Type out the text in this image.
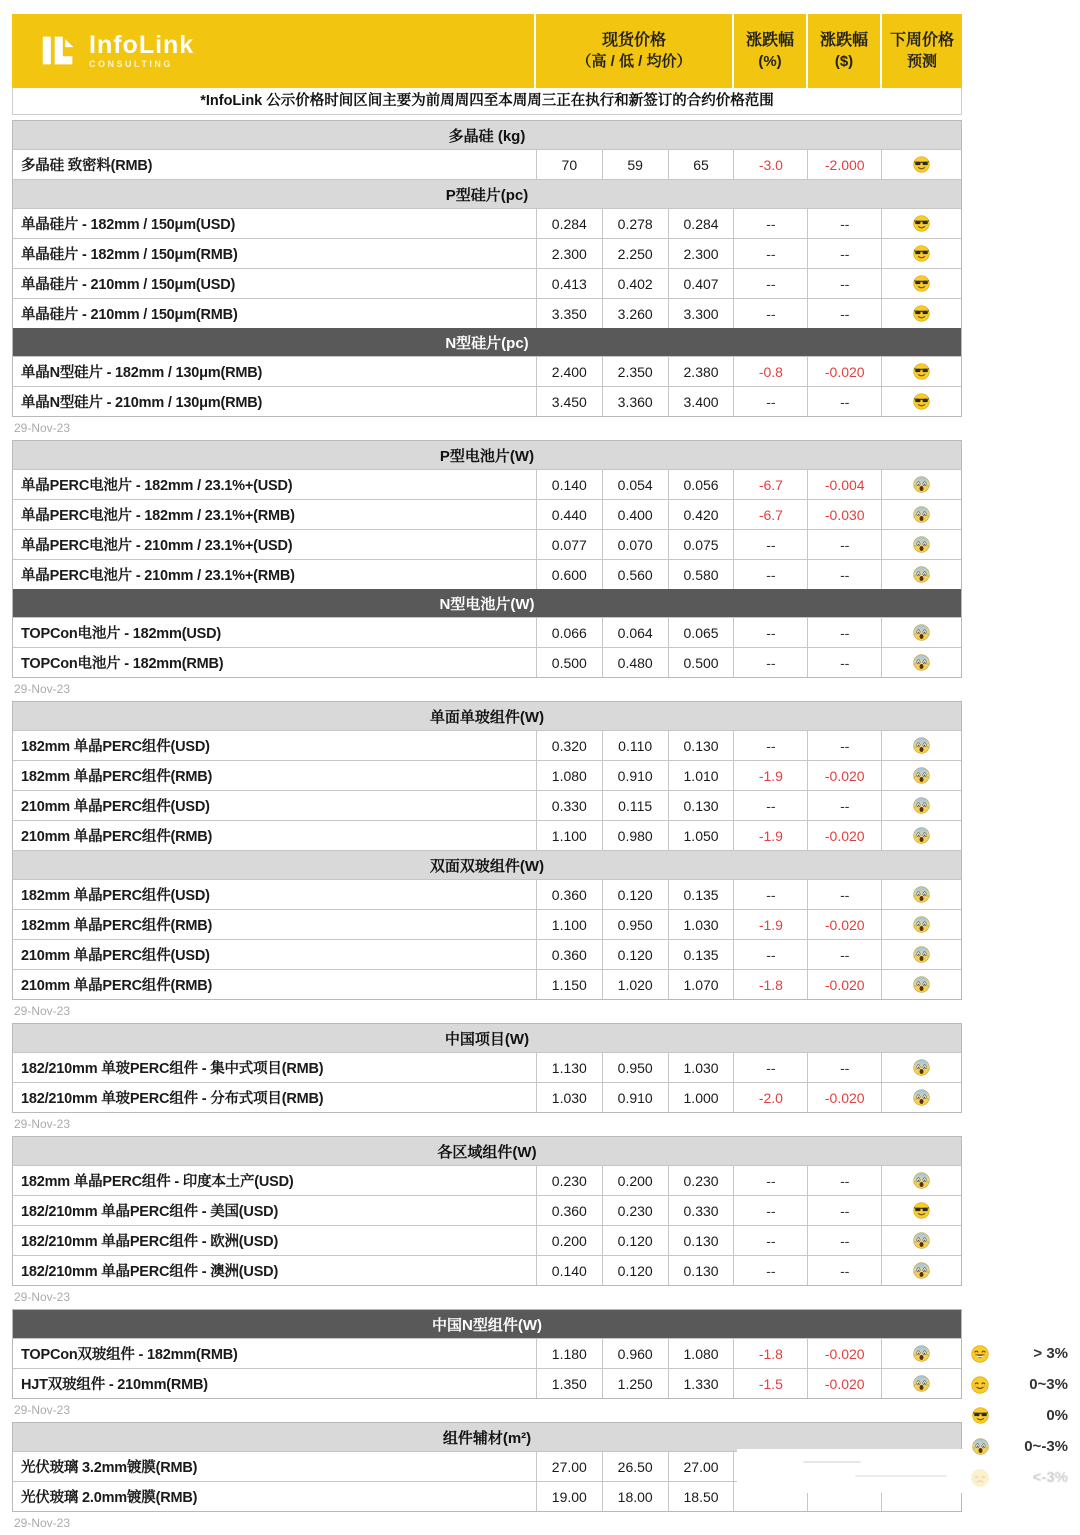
InfoLink
CONSULTING
现货价格
（高 / 低 / 均价）
涨跌幅
(%)
涨跌幅
($)
下周价格
预测
*InfoLink 公示价格时间区间主要为前周周四至本周周三正在执行和新签订的合约价格范围
多晶硅 (kg)
多晶硅 致密料(RMB)	70	59	65	-3.0	-2.000
P型硅片(pc)
单晶硅片 - 182mm / 150μm(USD)	0.284	0.278	0.284	--	--
单晶硅片 - 182mm / 150μm(RMB)	2.300	2.250	2.300	--	--
单晶硅片 - 210mm / 150μm(USD)	0.413	0.402	0.407	--	--
单晶硅片 - 210mm / 150μm(RMB)	3.350	3.260	3.300	--	--
N型硅片(pc)
单晶N型硅片 - 182mm / 130μm(RMB)	2.400	2.350	2.380	-0.8	-0.020
单晶N型硅片 - 210mm / 130μm(RMB)	3.450	3.360	3.400	--	--
29-Nov-23
P型电池片(W)
单晶PERC电池片 - 182mm / 23.1%+(USD)	0.140	0.054	0.056	-6.7	-0.004
单晶PERC电池片 - 182mm / 23.1%+(RMB)	0.440	0.400	0.420	-6.7	-0.030
单晶PERC电池片 - 210mm / 23.1%+(USD)	0.077	0.070	0.075	--	--
单晶PERC电池片 - 210mm / 23.1%+(RMB)	0.600	0.560	0.580	--	--
N型电池片(W)
TOPCon电池片 - 182mm(USD)	0.066	0.064	0.065	--	--
TOPCon电池片 - 182mm(RMB)	0.500	0.480	0.500	--	--
29-Nov-23
单面单玻组件(W)
182mm 单晶PERC组件(USD)	0.320	0.110	0.130	--	--
182mm 单晶PERC组件(RMB)	1.080	0.910	1.010	-1.9	-0.020
210mm 单晶PERC组件(USD)	0.330	0.115	0.130	--	--
210mm 单晶PERC组件(RMB)	1.100	0.980	1.050	-1.9	-0.020
双面双玻组件(W)
182mm 单晶PERC组件(USD)	0.360	0.120	0.135	--	--
182mm 单晶PERC组件(RMB)	1.100	0.950	1.030	-1.9	-0.020
210mm 单晶PERC组件(USD)	0.360	0.120	0.135	--	--
210mm 单晶PERC组件(RMB)	1.150	1.020	1.070	-1.8	-0.020
29-Nov-23
中国项目(W)
182/210mm 单玻PERC组件 - 集中式项目(RMB)	1.130	0.950	1.030	--	--
182/210mm 单玻PERC组件 - 分布式项目(RMB)	1.030	0.910	1.000	-2.0	-0.020
29-Nov-23
各区域组件(W)
182mm 单晶PERC组件 - 印度本土产(USD)	0.230	0.200	0.230	--	--
182/210mm 单晶PERC组件 - 美国(USD)	0.360	0.230	0.330	--	--
182/210mm 单晶PERC组件 - 欧洲(USD)	0.200	0.120	0.130	--	--
182/210mm 单晶PERC组件 - 澳洲(USD)	0.140	0.120	0.130	--	--
29-Nov-23
中国N型组件(W)
TOPCon双玻组件 - 182mm(RMB)	1.180	0.960	1.080	-1.8	-0.020
HJT双玻组件 - 210mm(RMB)	1.350	1.250	1.330	-1.5	-0.020
29-Nov-23
组件辅材(m²)
光伏玻璃 3.2mm镀膜(RMB)	27.00	26.50	27.00
光伏玻璃 2.0mm镀膜(RMB)	19.00	18.00	18.50
29-Nov-23
> 3%
0~3%
0%
0~-3%
<-3%
